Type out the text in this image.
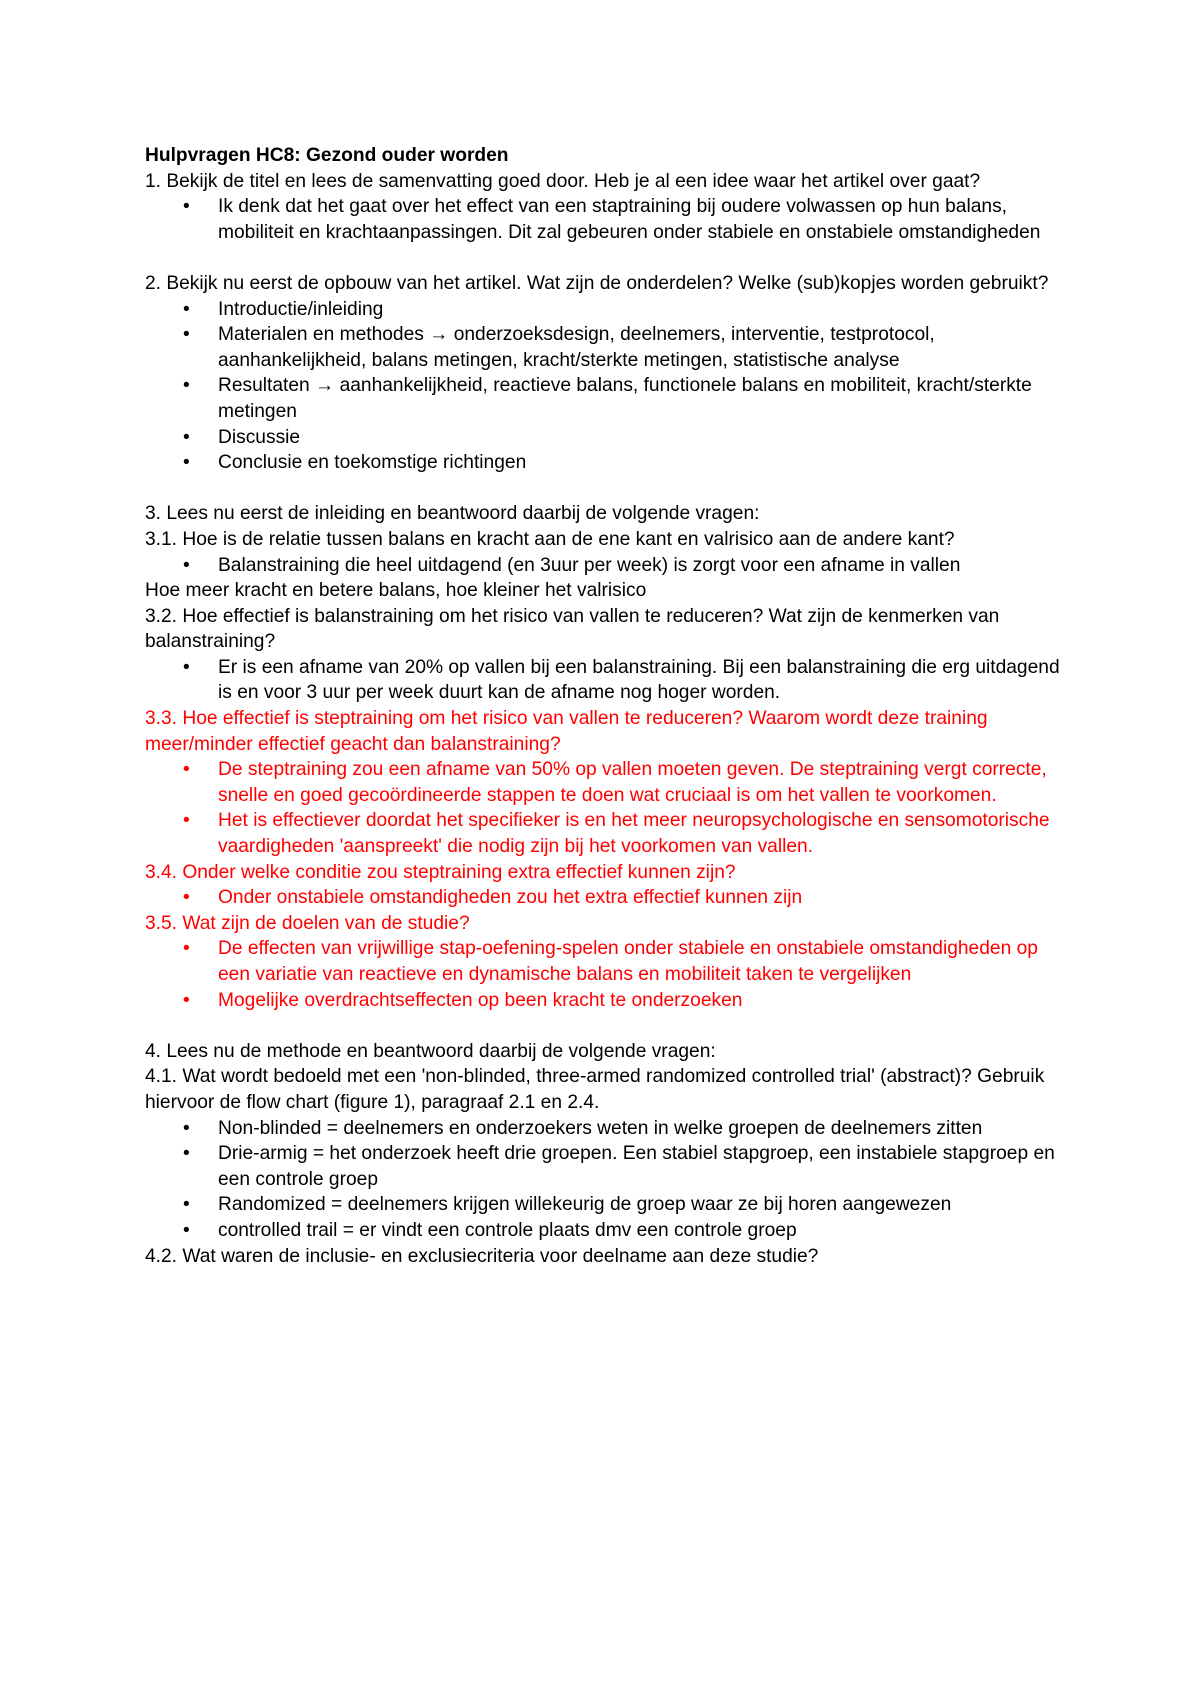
Hulpvragen HC8: Gezond ouder worden

1. Bekijk de titel en lees de samenvatting goed door. Heb je al een idee waar het artikel over gaat?

• Ik denk dat het gaat over het effect van een staptraining bij oudere volwassen op hun balans, mobiliteit en krachtaanpassingen. Dit zal gebeuren onder stabiele en onstabiele omstandigheden

2. Bekijk nu eerst de opbouw van het artikel. Wat zijn de onderdelen? Welke (sub)kopjes worden gebruikt?

• Introductie/inleiding
• Materialen en methodes → onderzoeksdesign, deelnemers, interventie, testprotocol, aanhankelijkheid, balans metingen, kracht/sterkte metingen, statistische analyse
• Resultaten → aanhankelijkheid, reactieve balans, functionele balans en mobiliteit, kracht/sterkte metingen
• Discussie
• Conclusie en toekomstige richtingen

3. Lees nu eerst de inleiding en beantwoord daarbij de volgende vragen:

3.1. Hoe is de relatie tussen balans en kracht aan de ene kant en valrisico aan de andere kant?

• Balanstraining die heel uitdagend (en 3uur per week) is zorgt voor een afname in vallen

Hoe meer kracht en betere balans, hoe kleiner het valrisico

3.2. Hoe effectief is balanstraining om het risico van vallen te reduceren? Wat zijn de kenmerken van balanstraining?

• Er is een afname van 20% op vallen bij een balanstraining. Bij een balanstraining die erg uitdagend is en voor 3 uur per week duurt kan de afname nog hoger worden.

3.3. Hoe effectief is steptraining om het risico van vallen te reduceren? Waarom wordt deze training meer/minder effectief geacht dan balanstraining?

• De steptraining zou een afname van 50% op vallen moeten geven. De steptraining vergt correcte, snelle en goed gecoördineerde stappen te doen wat cruciaal is om het vallen te voorkomen.
• Het is effectiever doordat het specifieker is en het meer neuropsychologische en sensomotorische vaardigheden 'aanspreekt' die nodig zijn bij het voorkomen van vallen.

3.4. Onder welke conditie zou steptraining extra effectief kunnen zijn?

• Onder onstabiele omstandigheden zou het extra effectief kunnen zijn

3.5. Wat zijn de doelen van de studie?

• De effecten van vrijwillige stap-oefening-spelen onder stabiele en onstabiele omstandigheden op een variatie van reactieve en dynamische balans en mobiliteit taken te vergelijken
• Mogelijke overdrachtseffecten op been kracht te onderzoeken

4. Lees nu de methode en beantwoord daarbij de volgende vragen:

4.1. Wat wordt bedoeld met een 'non-blinded, three-armed randomized controlled trial' (abstract)? Gebruik hiervoor de flow chart (figure 1), paragraaf 2.1 en 2.4.

• Non-blinded = deelnemers en onderzoekers weten in welke groepen de deelnemers zitten
• Drie-armig = het onderzoek heeft drie groepen. Een stabiel stapgroep, een instabiele stapgroep en een controle groep
• Randomized = deelnemers krijgen willekeurig de groep waar ze bij horen aangewezen
• controlled trail = er vindt een controle plaats dmv een controle groep

4.2. Wat waren de inclusie- en exclusiecriteria voor deelname aan deze studie?
